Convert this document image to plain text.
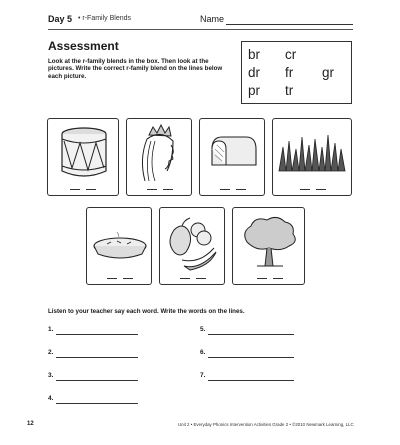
Day 5 • r-Family Blends	Name
Assessment
Look at the r-family blends in the box. Then look at the pictures. Write the correct r-family blend on the lines below each picture.
br cr
dr fr gr
pr tr
Listen to your teacher say each word. Write the words on the lines.
1.
2.
3.
4.
5.
6.
7.
12	Unit 2 • Everyday Phonics Intervention Activities Grade 2 • ©2010 Newmark Learning, LLC
